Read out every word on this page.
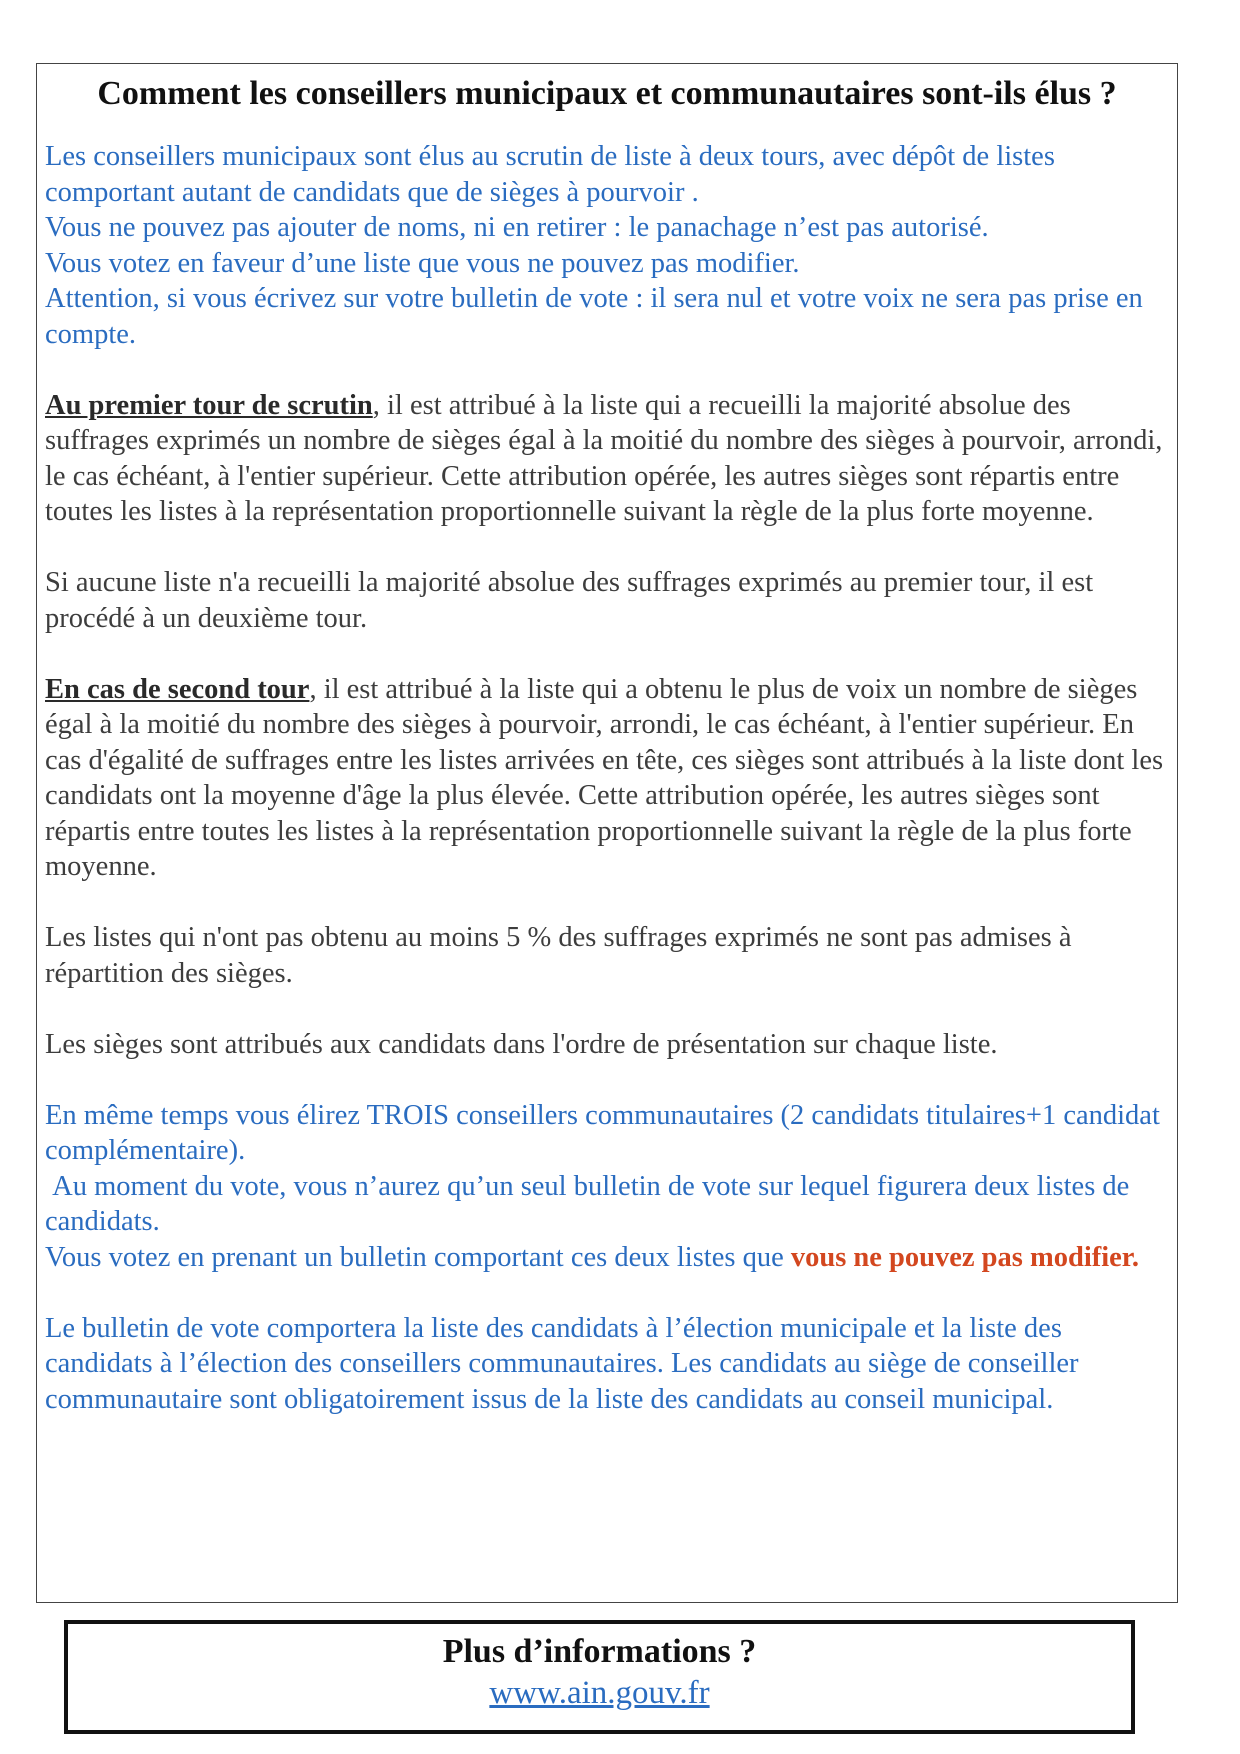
Comment les conseillers municipaux et communautaires sont-ils élus ?
Les conseillers municipaux sont élus au scrutin de liste à deux tours, avec dépôt de listes comportant autant de candidats que de sièges à pourvoir .
Vous ne pouvez pas ajouter de noms, ni en retirer : le panachage n’est pas autorisé.
Vous votez en faveur d’une liste que vous ne pouvez pas modifier.
Attention, si vous écrivez sur votre bulletin de vote : il sera nul et votre voix ne sera pas prise en compte.
Au premier tour de scrutin, il est attribué à la liste qui a recueilli la majorité absolue des suffrages exprimés un nombre de sièges égal à la moitié du nombre des sièges à pourvoir, arrondi, le cas échéant, à l'entier supérieur. Cette attribution opérée, les autres sièges sont répartis entre toutes les listes à la représentation proportionnelle suivant la règle de la plus forte moyenne.
Si aucune liste n'a recueilli la majorité absolue des suffrages exprimés au premier tour, il est procédé à un deuxième tour.
En cas de second tour, il est attribué à la liste qui a obtenu le plus de voix un nombre de sièges égal à la moitié du nombre des sièges à pourvoir, arrondi, le cas échéant, à l'entier supérieur. En cas d'égalité de suffrages entre les listes arrivées en tête, ces sièges sont attribués à la liste dont les candidats ont la moyenne d'âge la plus élevée. Cette attribution opérée, les autres sièges sont répartis entre toutes les listes à la représentation proportionnelle suivant la règle de la plus forte moyenne.
Les listes qui n'ont pas obtenu au moins 5 % des suffrages exprimés ne sont pas admises à répartition des sièges.
Les sièges sont attribués aux candidats dans l'ordre de présentation sur chaque liste.
En même temps vous élirez TROIS conseillers communautaires (2 candidats titulaires+1 candidat complémentaire).
Au moment du vote, vous n’aurez qu’un seul bulletin de vote sur lequel figurera deux listes de candidats.
Vous votez en prenant un bulletin comportant ces deux listes que vous ne pouvez pas modifier.
Le bulletin de vote comportera la liste des candidats à l’élection municipale et la liste des candidats à l’élection des conseillers communautaires. Les candidats au siège de conseiller communautaire sont obligatoirement issus de la liste des candidats au conseil municipal.
Plus d’informations ?
www.ain.gouv.fr
